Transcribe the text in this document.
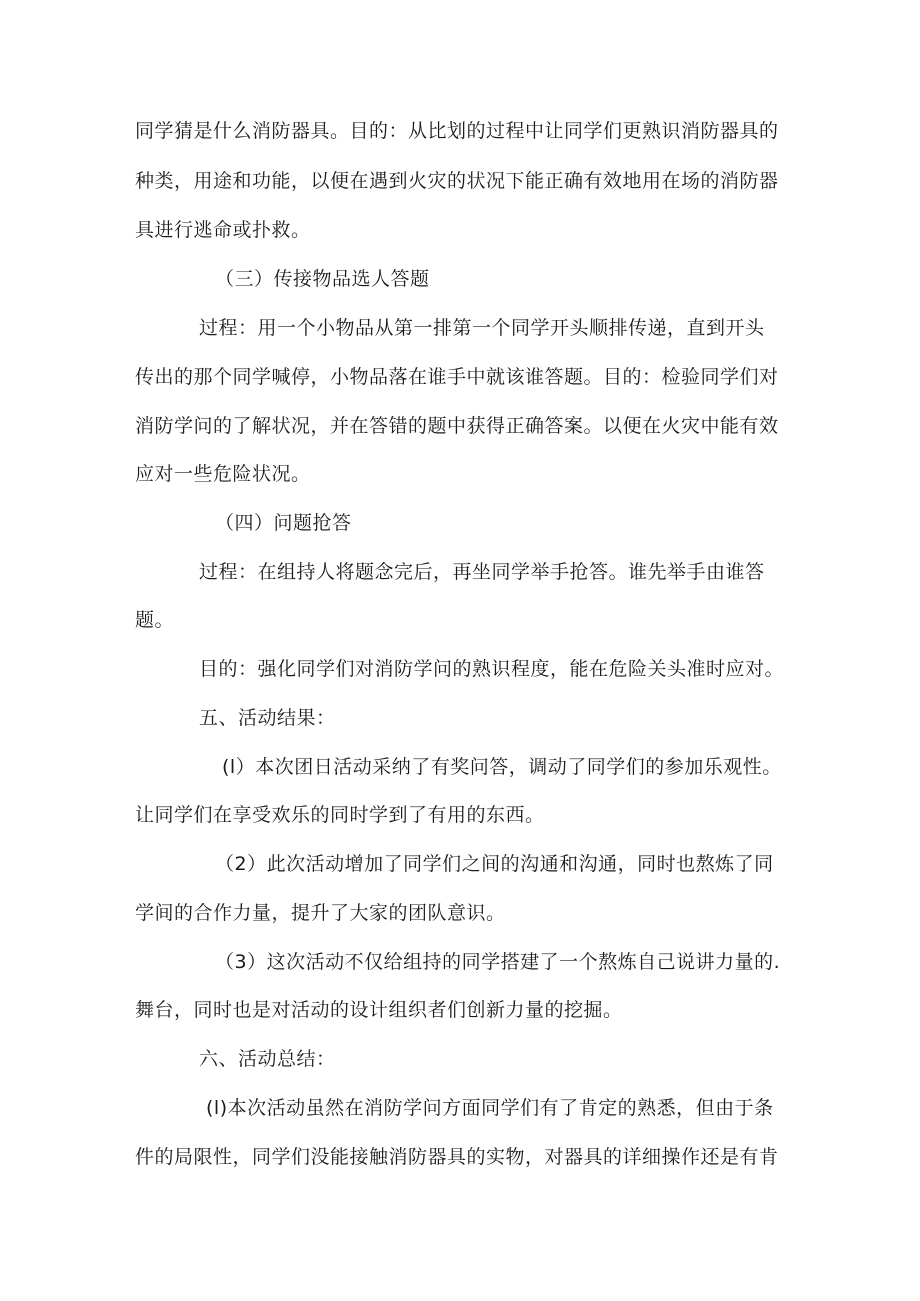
同学猜是什么消防器具。目的：从比划的过程中让同学们更熟识消防器具的
种类，用途和功能，以便在遇到火灾的状况下能正确有效地用在场的消防器
具进行逃命或扑救。
（三）传接物品选人答题
过程：用一个小物品从第一排第一个同学开头顺排传递，直到开头
传出的那个同学喊停，小物品落在谁手中就该谁答题。目的：检验同学们对
消防学问的了解状况，并在答错的题中获得正确答案。以便在火灾中能有效
应对一些危险状况。
（四）问题抢答
过程：在组持人将题念完后，再坐同学举手抢答。谁先举手由谁答
题。
目的：强化同学们对消防学问的熟识程度，能在危险关头准时应对。
五、活动结果：
(l）本次团日活动采纳了有奖问答，调动了同学们的参加乐观性。
让同学们在享受欢乐的同时学到了有用的东西。
（2）此次活动增加了同学们之间的沟通和沟通，同时也熬炼了同
学间的合作力量，提升了大家的团队意识。
（3）这次活动不仅给组持的同学搭建了一个熬炼自己说讲力量的.
舞台，同时也是对活动的设计组织者们创新力量的挖掘。
六、活动总结：
(l)本次活动虽然在消防学问方面同学们有了肯定的熟悉，但由于条
件的局限性，同学们没能接触消防器具的实物，对器具的详细操作还是有肯
